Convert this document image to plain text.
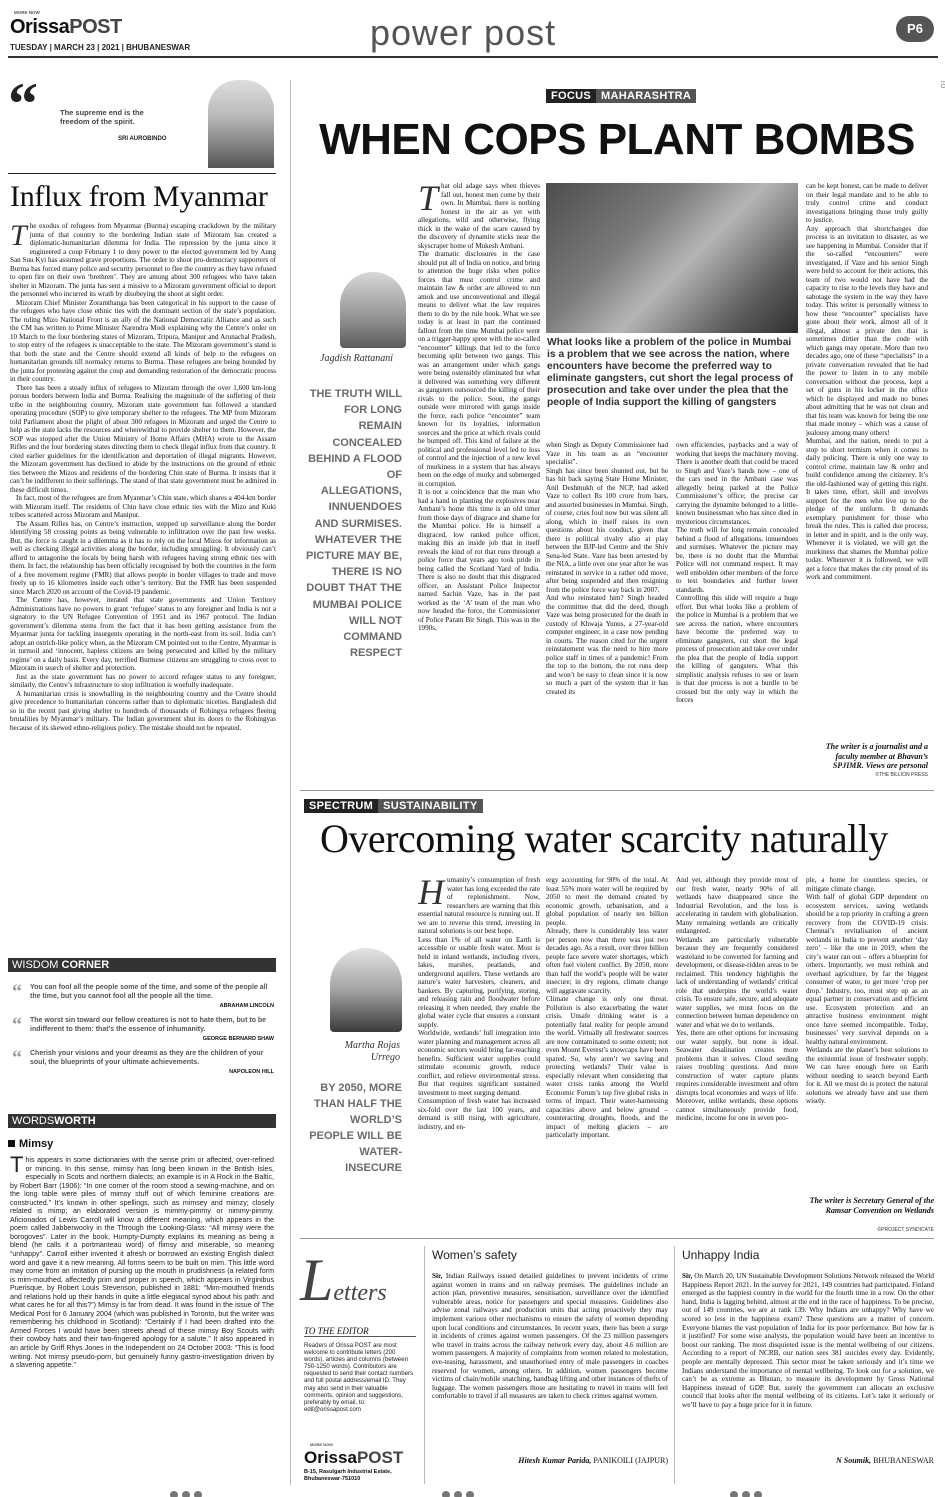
MORE NOW
OrissaPOST
TUESDAY | MARCH 23 | 2021 | BHUBANESWAR	power post	P6
TO
“	The supreme end is the freedom of the spirit.
SRI AUROBINDO
Influx from Myanmar

The exodus of refugees from Myanmar (Burma) escaping crackdown by the military junta of that country to the bordering Indian state of Mizoram has created a diplomatic-humanitarian dilemma for India. The repression by the junta since it engineered a coup February 1 to deny power to the elected government led by Aung San Suu Kyi has assumed grave proportions. The order to shoot pro-democracy supporters of Burma has forced many police and security personnel to flee the country as they have refused to open fire on their own ‘brethren’. They are among about 300 refugees who have taken shelter in Mizoram. The junta has sent a missive to a Mizoram government official to deport the personnel who incurred its wrath by disobeying the shoot at sight order.

Mizoram Chief Minister Zoramthanga has been categorical in his support to the cause of the refugees who have close ethnic ties with the dominant section of the state’s population. The ruling Mizo National Front is an ally of the National Democratic Alliance and as such the CM has written to Prime Minister Narendra Modi explaining why the Centre’s order on 10 March to the four bordering states of Mizoram, Tripura, Manipur and Arunachal Pradesh, to stop entry of the refugees is unacceptable to the state. The Mizoram government’s stand is that both the state and the Centre should extend all kinds of help to the refugees on humanitarian grounds till normalcy returns to Burma. These refugees are being hounded by the junta for protesting against the coup and demanding restoration of the democratic process in their country.

There has been a steady influx of refugees to Mizoram through the over 1,600 km-long porous borders between India and Burma. Realising the magnitude of the suffering of their tribe in the neighbouring country, Mizoram state government has followed a standard operating procedure (SOP) to give temporary shelter to the refugees. The MP from Mizoram told Parliament about the plight of about 300 refugees in Mizoram and urged the Centre to help as the state lacks the resources and wherewithal to provide shelter to them. However, the SOP was stopped after the Union Ministry of Home Affairs (MHA) wrote to the Assam Rifles and the four bordering states directing them to check illegal influx from that country. It cited earlier guidelines for the identification and deportation of illegal migrants. However, the Mizoram government has declined to abide by the instructions on the ground of ethnic ties between the Mizos and residents of the bordering Chin state of Burma. It insists that it can’t be indifferent to their sufferings. The stand of that state government must be admired in these difficult times.

In fact, most of the refugees are from Myanmar’s Chin state, which shares a 404-km border with Mizoram itself. The residents of Chin have close ethnic ties with the Mizo and Kuki tribes scattered across Mizoram and Manipur.

The Assam Rifles has, on Centre’s instruction, stepped up surveillance along the border identifying 58 crossing points as being vulnerable to infiltration over the past few weeks. But, the force is caught in a dilemma as it has to rely on the local Mizos for information as well as checking illegal activities along the border, including smuggling. It obviously can’t afford to antagonise the locals by being harsh with refugees having strong ethnic ties with them. In fact, the relationship has been officially recognised by both the countries in the form of a free movement regime (FMR) that allows people in border villages to trade and move freely up to 16 kilometres inside each other’s territory. But the FMR has been suspended since March 2020 on account of the Covid-19 pandemic.

The Centre has, however, iterated that state governments and Union Territory Administrations have no powers to grant ‘refugee’ status to any foreigner and India is not a signatory to the UN Refugee Convention of 1951 and its 1967 protocol. The Indian government’s dilemma stems from the fact that it has been getting assistance from the Myanmar junta for tackling insurgents operating in the north-east from its soil. India can’t adopt an ostrich-like policy when, as the Mizoram CM pointed out to the Centre, Myanmar is in turmoil and ‘innocent, hapless citizens are being persecuted and killed by the military regime’ on a daily basis. Every day, terrified Burmese citizens are struggling to cross over to Mizoram in search of shelter and protection.

Just as the state government has no power to accord refugee status to any foreigner, similarly, the Centre’s infrastructure to stop infiltration is woefully inadequate.

A humanitarian crisis is snowballing in the neighbouring country and the Centre should give precedence to humanitarian concerns rather than to diplomatic niceties. Bangladesh did so in the recent past giving shelter to hundreds of thousands of Rohingya refugees fleeing brutalities by Myanmar’s military. The Indian government shut its doors to the Rohingyas because of its skewed ethno-religious policy. The mistake should not be repeated.

WISDOM CORNER
“ You can fool all the people some of the time, and some of the people all the time, but you cannot fool all the people all the time.
ABRAHAM LINCOLN
“ The worst sin toward our fellow creatures is not to hate them, but to be indifferent to them: that’s the essence of inhumanity.
GEORGE BERNARD SHAW
“ Cherish your visions and your dreams as they are the children of your soul, the blueprints of your ultimate achievements.
NAPOLEON HILL
WORDSWORTH
Mimsy
This appears in some dictionaries with the sense prim or affected, over-refined or mincing. In this sense, mimsy has long been known in the British Isles, especially in Scots and northern dialects; an example is in A Rock in the Baltic, by Robert Barr (1906): “In one corner of the room stood a sewing-machine, and on the long table were piles of mimsy stuff out of which feminine creations are constructed.” It’s known in other spellings, such as mimsey and mimzy; closely related is mimp; an elaborated version is mimmy-pimmy or nimmy-pimmy. Aficionados of Lewis Carroll will know a different meaning, which appears in the poem called Jabberwocky in the Through the Looking-Glass: “All mimsy were the borogoves”. Later in the book, Humpty-Dumpty explains its meaning as being a blend (he calls it a portmanteau word) of flimsy and miserable, so meaning “unhappy”. Carroll either invented it afresh or borrowed an existing English dialect word and gave it a new meaning. All forms seem to be built on mim. This little word may come from an imitation of pursing up the mouth in prudishness (a related form is mim-mouthed, affectedly prim and proper in speech, which appears in Virginibus Puerisque, by Robert Louis Stevenson, published in 1881: “Mim-mouthed friends and relations hold up their hands in quite a little elegiacal synod about his path: and what cares he for all this?”) Mimsy is far from dead. It was found in the issue of The Medical Post for 6 January 2004 (which was published in Toronto, but the writer was remembering his childhood in Scotland): “Certainly if I had been drafted into the Armed Forces I would have been streets ahead of these mimsy Boy Scouts with their cowboy hats and their two-fingered apology for a salute.” It also appeared in an article by Griff Rhys Jones in the Independent on 24 October 2003: “This is food writing. Not mimsy pseudo-porn, but genuinely funny gastro-investigation driven by a slavering appetite.”
FOCUS MAHARASHTRA
WHEN COPS PLANT BOMBS
Jagdish Rattanani
THE TRUTH WILL FOR LONG REMAIN CONCEALED BEHIND A FLOOD OF ALLEGATIONS, INNUENDOES AND SURMISES. WHATEVER THE PICTURE MAY BE, THERE IS NO DOUBT THAT THE MUMBAI POLICE WILL NOT COMMAND RESPECT
That old adage says when thieves fall out, honest men come by their own. In Mumbai, there is nothing honest in the air as yet with allegations, wild and otherwise, flying thick in the wake of the scare caused by the discovery of dynamite sticks near the skyscraper home of Mukesh Ambani.
The dramatic disclosures in the case should put all of India on notice, and bring to attention the huge risks when police forces that must control crime and maintain law & order are allowed to run amok and use unconventional and illegal means to deliver what the law requires them to do by the rule book. What we see today is at least in part the continued fallout from the time Mumbai police went on a trigger-happy spree with the so-called “encounter” killings that led to the force becoming split between two gangs. This was an arrangement under which gangs were being ostensibly eliminated but what it delivered was something very different as gangsters outsourced the killing of their rivals to the police. Soon, the gangs outside were mirrored with gangs inside the force, each police “encounter” team known for its loyalties, information sources and the price at which rivals could be bumped off. This kind of failure at the political and professional level led to loss of control and the injection of a new level of murkiness in a system that has always been on the edge of murky and submerged in corruption.
It is not a coincidence that the man who had a hand in planting the explosives near Ambani’s home this time is an old timer from those days of disgrace and shame for the Mumbai police. He is himself a disgraced, low ranked police officer, making this an inside job that in itself reveals the kind of rot that runs through a police force that years ago took pride in being called the Scotland Yard of India. There is also no doubt that this disgraced officer, an Assistant Police Inspector named Sachin Vaze, has in the past worked as the ‘A’ team of the man who now headed the force, the Commissioner of Police Param Bir Singh. This was in the 1990s,
What looks like a problem of the police in Mumbai is a problem that we see across the nation, where encounters have become the preferred way to eliminate gangsters, cut short the legal process of prosecution and take over under the plea that the people of India support the killing of gangsters
when Singh as Deputy Commissioner had Vaze in his team as an “encounter specialist”.
Singh has since been shunted out, but he has hit back saying State Home Minister, Anil Deshmukh of the NCP, had asked Vaze to collect Rs 100 crore from bars, and assorted businesses in Mumbai. Singh, of course, cries foul now but was silent all along, which in itself raises its own questions about his conduct, given that there is political rivalry also at play between the BJP-led Centre and the Shiv Sena-led State. Vaze has been arrested by the NIA, a little over one year after he was reinstated in service in a rather odd move, after being suspended and then resigning from the police force way back in 2007.
And who reinstated him? Singh headed the committee that did the deed, though Vaze was being prosecuted for the death in custody of Khwaja Yunus, a 27-year-old computer engineer, in a case now pending in courts. The reason cited for the urgent reinstatement was the need to hire more police staff in times of a pandemic! From the top to the bottom, the rot runs deep and won’t be easy to clean since it is now so much a part of the system that it has created its
own efficiencies, paybacks and a way of working that keeps the machinery moving. There is another death that could be traced to Singh and Vaze’s hands now – one of the cars used in the Ambani case was allegedly being parked at the Police Commissioner’s office; the precise car carrying the dynamite belonged to a little-known businessman who has since died in mysterious circumstances.
The truth will for long remain concealed behind a flood of allegations, innuendoes and surmises. Whatever the picture may be, there is no doubt that the Mumbai Police will not command respect. It may well embolden other members of the force to test boundaries and further lower standards.
Controlling this slide will require a huge effort. But what looks like a problem of the police in Mumbai is a problem that we see across the nation, where encounters have become the preferred way to eliminate gangsters, cut short the legal process of prosecution and take over under the plea that the people of India support the killing of gangsters. What this simplistic analysis refuses to see or learn is that due process is not a hurdle to be crossed but the only way in which the forces
can be kept honest, can be made to deliver on their legal mandate and to be able to truly control crime and conduct investigations bringing those truly guilty to justice.
Any approach that shortchanges due process is an invitation to disaster, as we see happening in Mumbai. Consider that if the so-called “encounters” were investigated, if Vaze and his senior Singh were held to account for their actions, this team of two would not have had the capacity to rise to the levels they have and sabotage the system in the way they have today. This writer is personally witness to how these “encounter” specialists have gone about their work, almost all of it illegal, almost a private den that is sometimes dirtier than the code with which gangs may operate. More than two decades ago, one of these “specialists” in a private conversation revealed that he had the power to listen in to any mobile conversation without due process, kept a set of guns in his locker in the office which he displayed and made no bones about admitting that he was not clean and that his team was known for being the one that made money – which was a cause of jealousy among many others!
Mumbai, and the nation, needs to put a stop to short termism when it comes to daily policing. There is only one way to control crime, maintain law & order and build confidence among the citizenry. It’s the old-fashioned way of getting this right. It takes time, effort, skill and involves support for the men who live up to the pledge of the uniform. It demands exemplary punishment for those who break the rules. This is called due process, in letter and in spirit, and is the only way. Whenever it is violated, we will get the murkiness that shames the Mumbai police today. Whenever it is followed, we will get a force that makes the city proud of its work and commitment.
The writer is a journalist and a faculty member at Bhavan’s SPJIMR. Views are personal
©THE BILLION PRESS
SPECTRUM SUSTAINABILITY
Overcoming water scarcity naturally
Martha Rojas
Urrego
BY 2050, MORE THAN HALF THE WORLD’S PEOPLE WILL BE WATER-INSECURE
Humanity’s consumption of fresh water has long exceeded the rate of replenishment. Now, researchers are warning that this essential natural resource is running out. If we are to reverse this trend, investing in natural solutions is our best hope.
Less than 1% of all water on Earth is accessible or usable fresh water. Most is held in inland wetlands, including rivers, lakes, marshes, peatlands, and underground aquifers. These wetlands are nature’s water harvesters, cleaners, and bankers. By capturing, purifying, storing, and releasing rain and floodwater before releasing it when needed, they enable the global water cycle that ensures a constant supply.
Worldwide, wetlands’ full integration into water planning and management across all economic sectors would bring far-reaching benefits. Sufficient water supplies could stimulate economic growth, reduce conflict, and relieve environmental stress. But that requires significant sustained investment to meet surging demand.
Consumption of fresh water has increased six-fold over the last 100 years, and demand is still rising, with agriculture, industry, and en-
ergy accounting for 90% of the total. At least 55% more water will be required by 2050 to meet the demand created by economic growth, urbanisation, and a global population of nearly ten billion people.
Already, there is considerably less water per person now than there was just two decades ago. As a result, over three billion people face severe water shortages, which often fuel violent conflict. By 2050, more than half the world’s people will be water insecure; in dry regions, climate change will aggravate scarcity.
Climate change is only one threat. Pollution is also exacerbating the water crisis. Unsafe drinking water is a potentially fatal reality for people around the world. Virtually all freshwater sources are now contaminated to some extent; not even Mount Everest’s snowcaps have been spared. So, why aren’t we saving and protecting wetlands? Their value is especially relevant when considering that water crisis ranks among the World Economic Forum’s top five global risks in terms of impact. Their water-harnessing capacities above and below ground – counteracting droughts, floods, and the impact of melting glaciers – are particularly important.
And yet, although they provide most of our fresh water, nearly 90% of all wetlands have disappeared since the Industrial Revolution, and the loss is accelerating in tandem with globalisation. Many remaining wetlands are critically endangered.
Wetlands are particularly vulnerable because they are frequently considered wasteland to be converted for farming and development, or disease-ridden areas to be reclaimed. This tendency highlights the lack of understanding of wetlands’ critical role that underpins the world’s water crisis. To ensure safe, secure, and adequate water supplies, we must focus on the connection between human dependence on water and what we do to wetlands.
Yes, there are other options for increasing our water supply, but none is ideal. Seawater desalination creates more problems than it solves. Cloud seeding raises troubling questions. And more construction of water capture plants requires considerable investment and often disrupts local economies and ways of life. Moreover, unlike wetlands, these options cannot simultaneously provide food, medicine, income for one in seven peo-
ple, a home for countless species, or mitigate climate change.
With half of global GDP dependent on ecosystem services, saving wetlands should be a top priority in crafting a green recovery from the COVID-19 crisis. Chennai’s revitalisation of ancient wetlands in India to prevent another ‘day zero’ – like the one in 2019, when the city’s water ran out – offers a blueprint for others. Importantly, we must rethink and overhaul agriculture, by far the biggest consumer of water, to get more ‘crop per drop.’ Industry, too, must step up as an equal partner in conservation and efficient use. Ecosystem protection and an attractive business environment might once have seemed incompatible. Today, businesses’ very survival depends on a healthy natural environment.
Wetlands are the planet’s best solutions to the existential issue of freshwater supply. We can have enough here on Earth without needing to search beyond Earth for it. All we must do is protect the natural solutions we already have and use them wisely.
The writer is Secretary General of the Ramsar Convention on Wetlands
©PROJECT SYNDICATE
Letters
TO THE EDITOR
Readers of Orissa POST are most welcome to contribute letters (200 words), articles and columns (between 750-1250 words). Contributors are requested to send their contact numbers and full postal address/email ID. They may also send in their valuable comments, opinion and suggestions, preferably by email, to: edit@orissapost.com
MORE NOW
OrissaPOST
B-15, Rasulgarh Industrial Estate, Bhubaneswar-751010
Women’s safety
Sir, Indian Railways issued detailed guidelines to prevent incidents of crime against women in trains and on railway premises. The guidelines include an action plan, preventive measures, sensitisation, surveillance over the identified vulnerable areas, notice for passengers and special measures. Guidelines also advise zonal railways and production units that acting proactively they may implement various other mechanisms to ensure the safety of women depending upon local conditions and circumstances. In recent years, there has been a surge in incidents of crimes against women passengers. Of the 23 million passengers who travel in trains across the railway network every day, about 4.6 million are women passengers. A majority of complaints from women related to molestation, eve-teasing, harassment, and unauthorised entry of male passengers in coaches reserved for women, among others. In addition, women passengers become victims of chain/mobile snatching, handbag lifting and other instances of thefts of luggage. The women passengers those are hesitating to travel in trains will feel comfortable to travel if all measures are taken to check crimes against women.
Hitesh Kumar Parida, PANIKOILI (JAJPUR)
Unhappy India
Sir, On March 20, UN Sustainable Development Solutions Network released the World Happiness Report 2021. In the survey for 2021, 149 countries had participated. Finland emerged as the happiest country in the world for the fourth time in a row. On the other hand, India is lagging behind, almost at the end in the race of happiness. To be precise, out of 149 countries, we are at rank 139. Why Indians are unhappy? Why have we scored so less in the happiness exam? These questions are a matter of concern. Everyone blames the vast population of India for its poor performance. But how far is it justified? For some wise analysts, the population would have been an incentive to boost our ranking. The most disquieted issue is the mental wellbeing of our citizens. According to a report of NCRB, our nation sees 381 suicides every day. Evidently, people are mentally depressed. This sector must be taken seriously and it’s time we Indians understand the importance of mental wellbeing. To look out for a solution, we can’t be as extreme as Bhutan, to measure its development by Gross National Happiness instead of GDP. But, surely the government can allocate an exclusive council that looks after the mental wellbeing of its citizens. Let’s take it seriously or we’ll have to pay a huge price for it in future.
N Soumik, BHUBANESWAR
